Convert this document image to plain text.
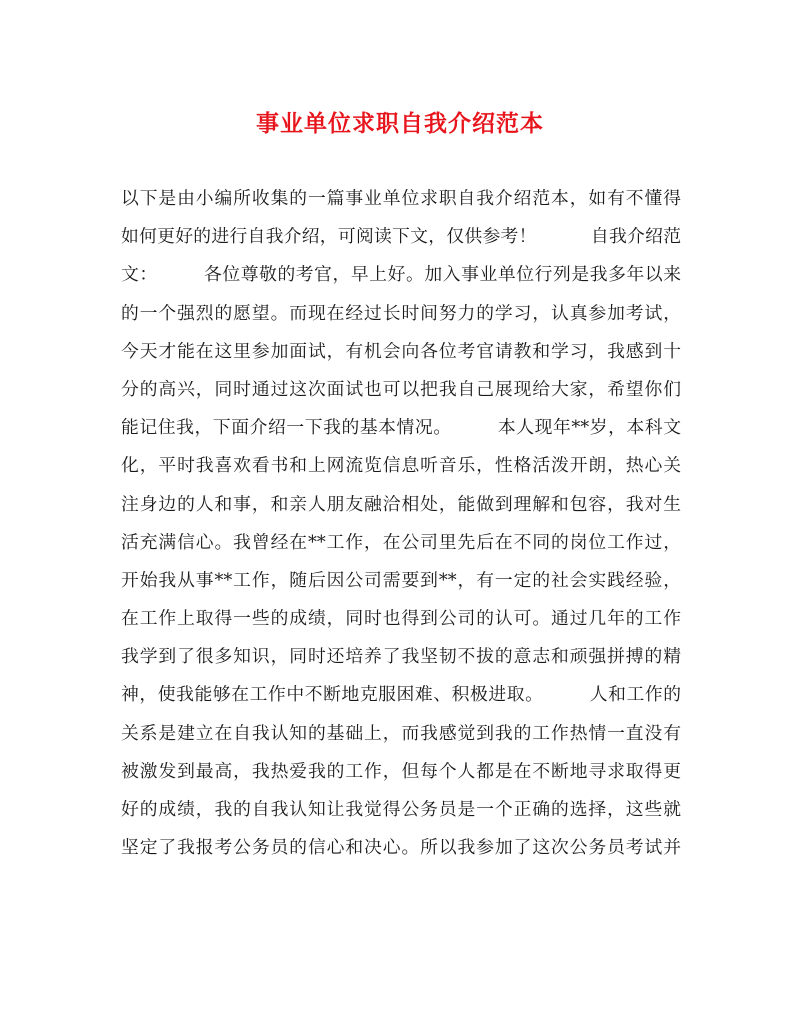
事业单位求职自我介绍范本
以下是由小编所收集的一篇事业单位求职自我介绍范本，如有不懂得
如何更好的进行自我介绍，可阅读下文，仅供参考！　　　自我介绍范
文：　　　各位尊敬的考官，早上好。加入事业单位行列是我多年以来
的一个强烈的愿望。而现在经过长时间努力的学习，认真参加考试，
今天才能在这里参加面试，有机会向各位考官请教和学习，我感到十
分的高兴，同时通过这次面试也可以把我自己展现给大家，希望你们
能记住我，下面介绍一下我的基本情况。　　　本人现年**岁，本科文
化，平时我喜欢看书和上网流览信息听音乐，性格活泼开朗，热心关
注身边的人和事，和亲人朋友融洽相处，能做到理解和包容，我对生
活充满信心。我曾经在**工作，在公司里先后在不同的岗位工作过，
开始我从事**工作，随后因公司需要到**，有一定的社会实践经验，
在工作上取得一些的成绩，同时也得到公司的认可。通过几年的工作
我学到了很多知识，同时还培养了我坚韧不拔的意志和顽强拼搏的精
神，使我能够在工作中不断地克服困难、积极进取。　　　人和工作的
关系是建立在自我认知的基础上，而我感觉到我的工作热情一直没有
被激发到最高，我热爱我的工作，但每个人都是在不断地寻求取得更
好的成绩，我的自我认知让我觉得公务员是一个正确的选择，这些就
坚定了我报考公务员的信心和决心。所以我参加了这次公务员考试并
